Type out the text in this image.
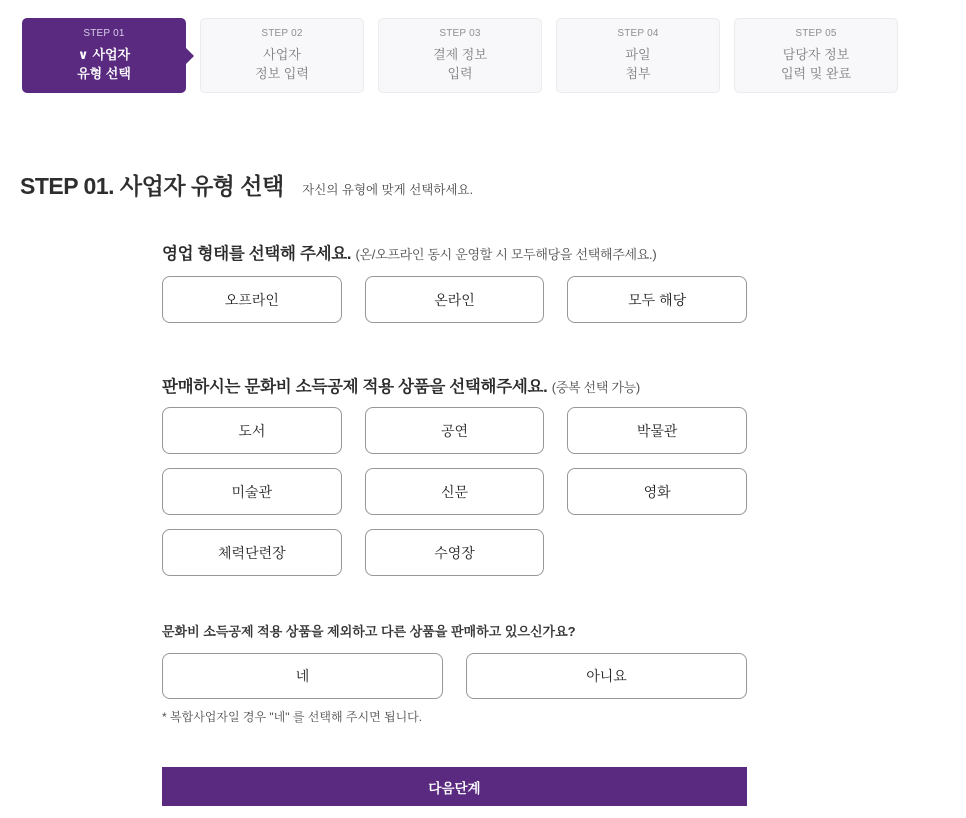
STEP 01
∨ 사업자
유형 선택
STEP 02
사업자
정보 입력
STEP 03
결제 정보
입력
STEP 04
파일
첨부
STEP 05
담당자 정보
입력 및 완료
STEP 01. 사업자 유형 선택 자신의 유형에 맞게 선택하세요.
영업 형태를 선택해 주세요. (온/오프라인 동시 운영할 시 모두해당을 선택해주세요.)
오프라인	온라인	모두 해당
판매하시는 문화비 소득공제 적용 상품을 선택해주세요. (중복 선택 가능)
도서	공연	박물관
미술관	신문	영화
체력단련장	수영장
문화비 소득공제 적용 상품을 제외하고 다른 상품을 판매하고 있으신가요?
네	아니요
* 복합사업자일 경우 "네" 를 선택해 주시면 됩니다.
다음단계
